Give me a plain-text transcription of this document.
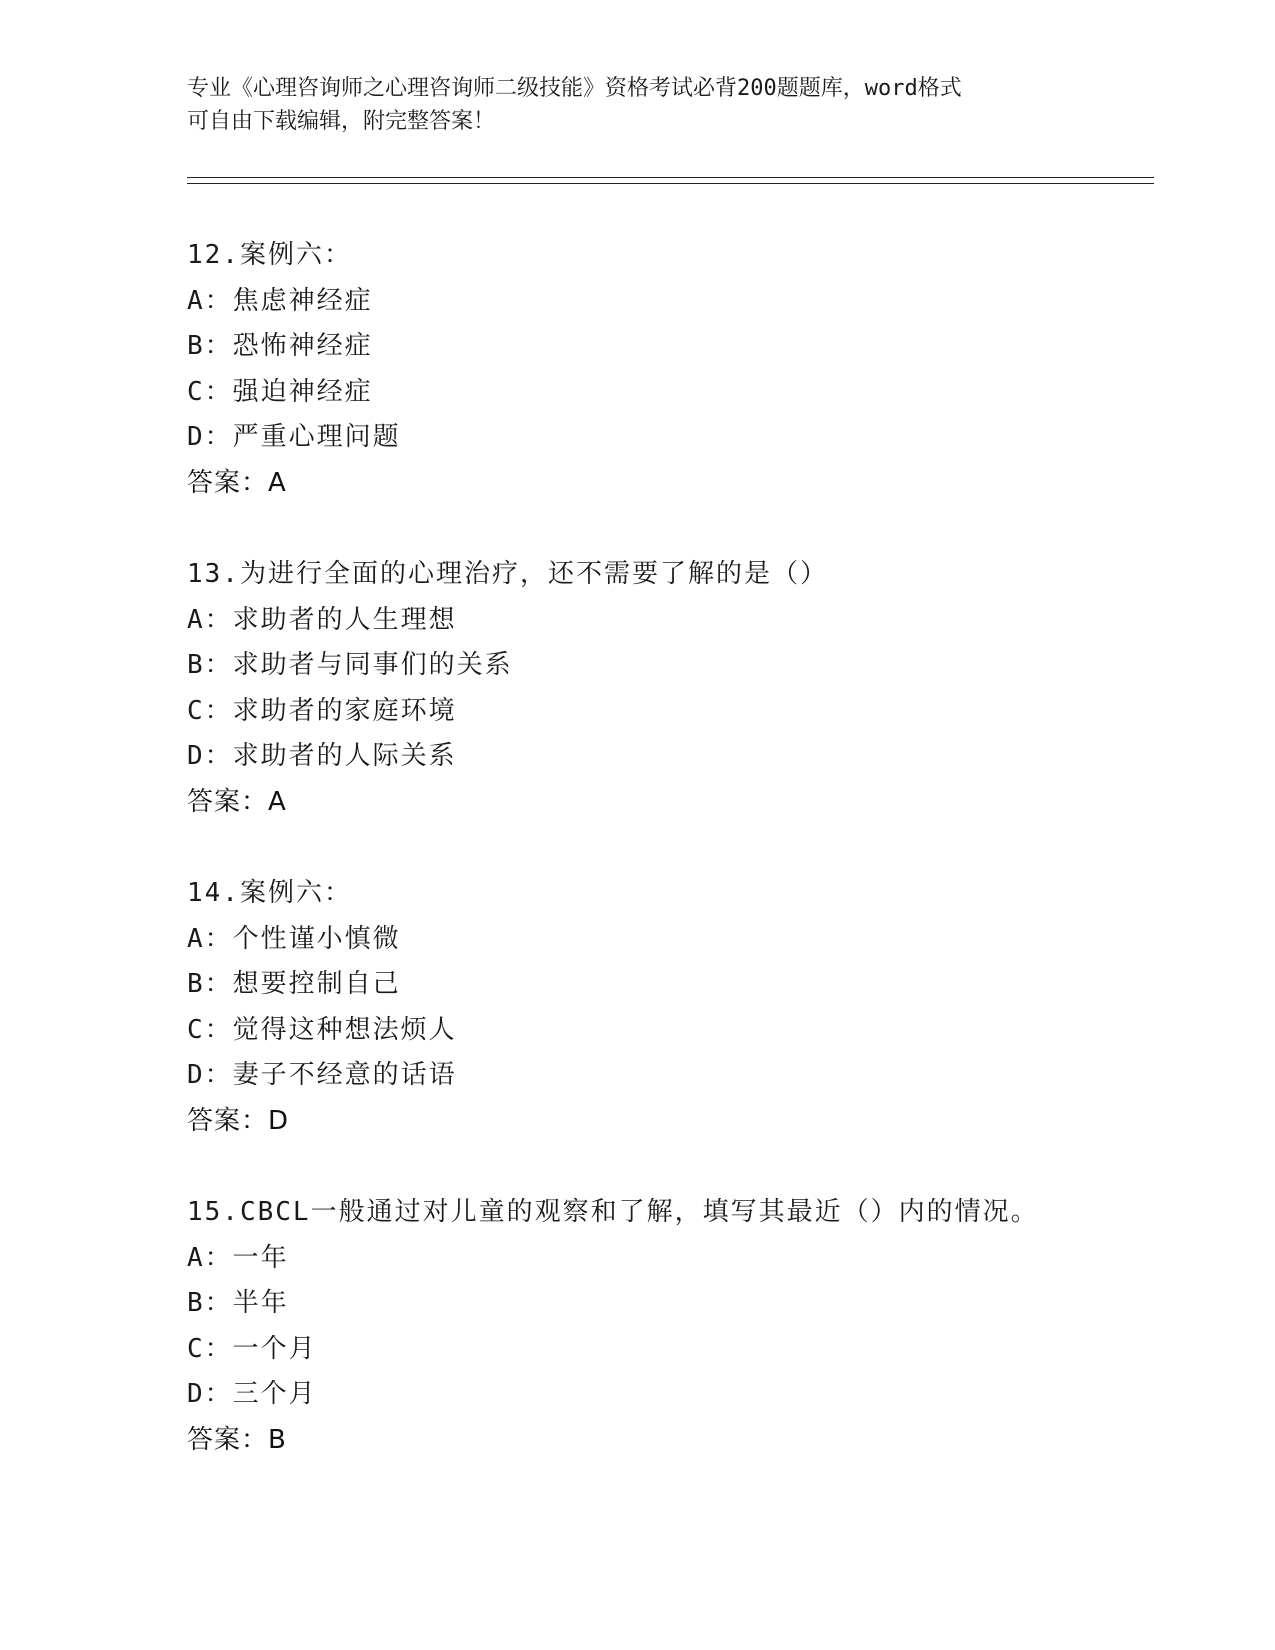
专业《心理咨询师之心理咨询师二级技能》资格考试必背200题题库，word格式
可自由下载编辑，附完整答案！
12.案例六：
A：焦虑神经症
B：恐怖神经症
C：强迫神经症
D：严重心理问题
答案：A
13.为进行全面的心理治疗，还不需要了解的是（）
A：求助者的人生理想
B：求助者与同事们的关系
C：求助者的家庭环境
D：求助者的人际关系
答案：A
14.案例六：
A：个性谨小慎微
B：想要控制自己
C：觉得这种想法烦人
D：妻子不经意的话语
答案：D
15.CBCL一般通过对儿童的观察和了解，填写其最近（）内的情况。
A：一年
B：半年
C：一个月
D：三个月
答案：B
